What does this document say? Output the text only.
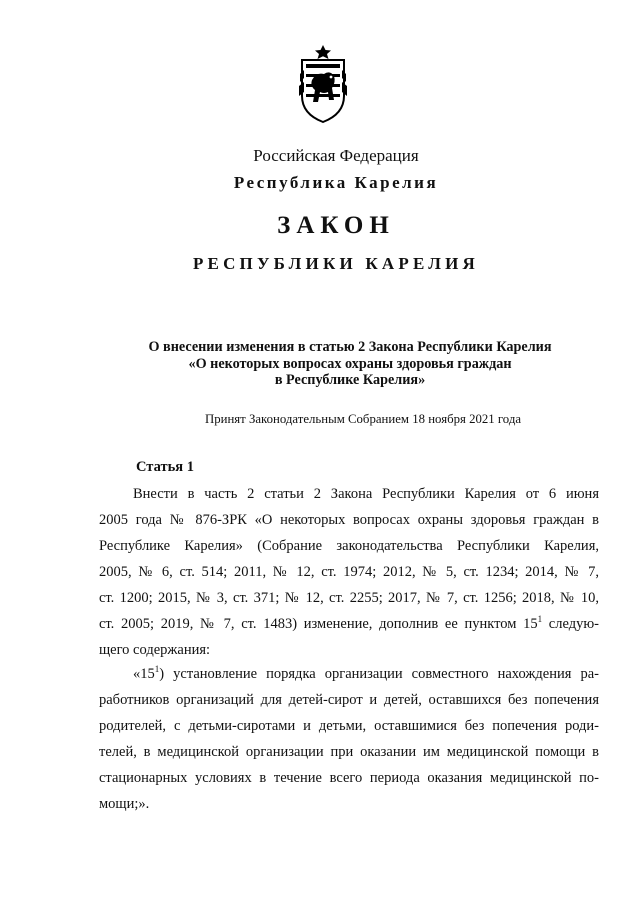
Российская Федерация
Республика Карелия
ЗАКОН
РЕСПУБЛИКИ КАРЕЛИЯ
О внесении изменения в статью 2 Закона Республики Карелия
«О некоторых вопросах охраны здоровья граждан
в Республике Карелия»
Принят Законодательным Собранием 18 ноября 2021 года
Статья 1
Внести в часть 2 статьи 2 Закона Республики Карелия от 6 июня
2005 года № 876-ЗРК «О некоторых вопросах охраны здоровья граждан в
Республике Карелия» (Собрание законодательства Республики Карелия,
2005, № 6, ст. 514; 2011, № 12, ст. 1974; 2012, № 5, ст. 1234; 2014, № 7,
ст. 1200; 2015, № 3, ст. 371; № 12, ст. 2255; 2017, № 7, ст. 1256; 2018, № 10,
ст. 2005; 2019, № 7, ст. 1483) изменение, дополнив ее пунктом $15^1$ следую-
щего содержания:
«$15^1$) установление порядка организации совместного нахождения ра-
работников организаций для детей-сирот и детей, оставшихся без попечения
родителей, с детьми-сиротами и детьми, оставшимися без попечения роди-
телей, в медицинской организации при оказании им медицинской помощи в
стационарных условиях в течение всего периода оказания медицинской по-
мощи;».
